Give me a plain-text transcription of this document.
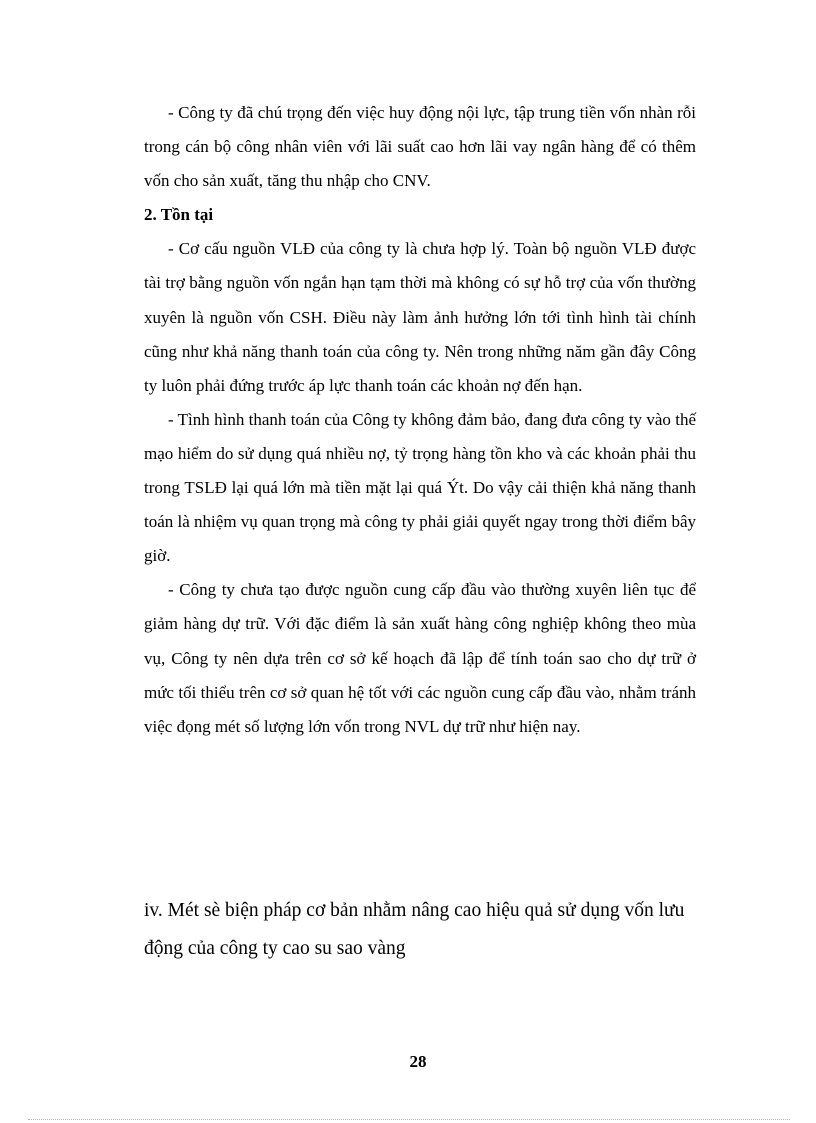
- Công ty đã chú trọng đến việc huy động nội lực, tập trung tiền vốn nhàn rỗi trong cán bộ công nhân viên với lãi suất cao hơn lãi vay ngân hàng để có thêm vốn cho sản xuất, tăng thu nhập cho CNV.

2. Tồn tại

- Cơ cấu nguồn VLĐ của công ty là chưa hợp lý. Toàn bộ nguồn VLĐ được tài trợ bằng nguồn vốn ngắn hạn tạm thời mà không có sự hỗ trợ của vốn thường xuyên là nguồn vốn CSH. Điều này làm ảnh hưởng lớn tới tình hình tài chính cũng như khả năng thanh toán của công ty. Nên trong những năm gần đây Công ty luôn phải đứng trước áp lực thanh toán các khoản nợ đến hạn.

- Tình hình thanh toán của Công ty không đảm bảo, đang đưa công ty vào thế mạo hiểm do sử dụng quá nhiều nợ, tỷ trọng hàng tồn kho và các khoản phải thu trong TSLĐ lại quá lớn mà tiền mặt lại quá Ýt. Do vậy cải thiện khả năng thanh toán là nhiệm vụ quan trọng mà công ty phải giải quyết ngay trong thời điểm bây giờ.

- Công ty chưa tạo được nguồn cung cấp đầu vào thường xuyên liên tục để giảm hàng dự trữ. Với đặc điểm là sản xuất hàng công nghiệp không theo mùa vụ, Công ty nên dựa trên cơ sở kế hoạch đã lập để tính toán sao cho dự trữ ở mức tối thiểu trên cơ sở quan hệ tốt với các nguồn cung cấp đầu vào, nhằm tránh việc đọng mét số lượng lớn vốn trong NVL dự trữ như hiện nay.

iv. Mét sè biện pháp cơ bản nhằm nâng cao hiệu quả sử dụng vốn lưu động của công ty cao su sao vàng
28
